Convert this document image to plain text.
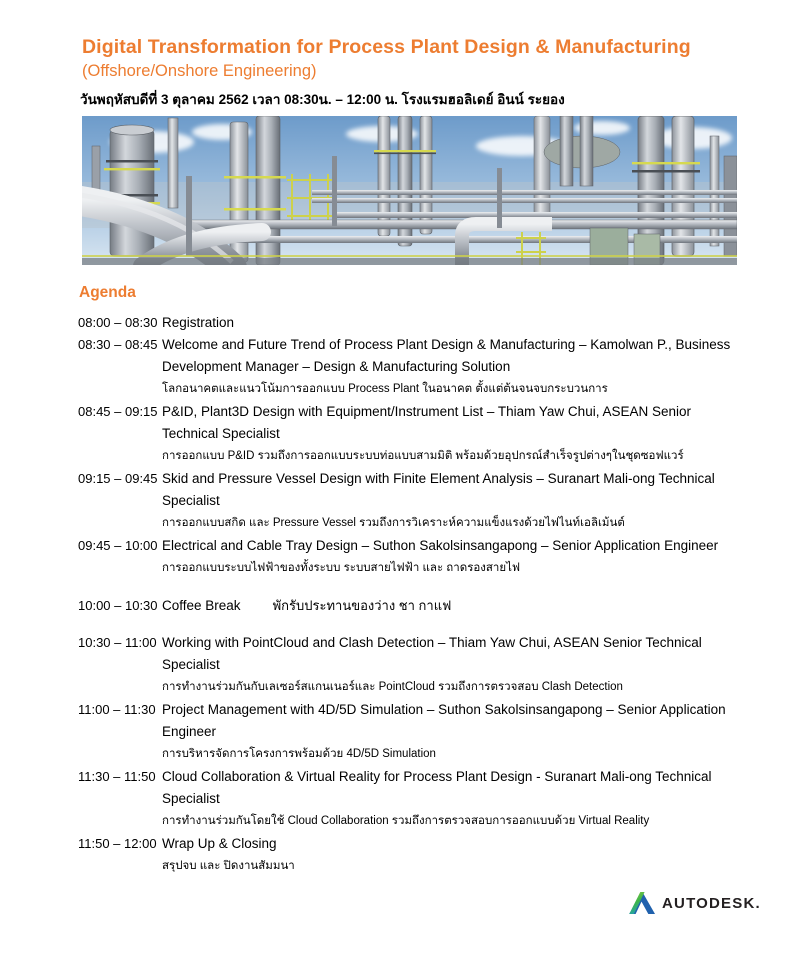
Digital Transformation for Process Plant Design & Manufacturing
(Offshore/Onshore Engineering)
วันพฤหัสบดีที่ 3 ตุลาคม 2562 เวลา 08:30น. – 12:00 น. โรงแรมฮอลิเดย์ อินน์ ระยอง
Agenda
08:00 – 08:30 Registration
08:30 – 08:45 Welcome and Future Trend of Process Plant Design & Manufacturing – Kamolwan P., Business Development Manager – Design & Manufacturing Solution
โลกอนาคตและแนวโน้มการออกแบบ Process Plant ในอนาคต ตั้งแต่ต้นจนจบกระบวนการ
08:45 – 09:15 P&ID, Plant3D Design with Equipment/Instrument List – Thiam Yaw Chui, ASEAN Senior Technical Specialist
การออกแบบ P&ID รวมถึงการออกแบบระบบท่อแบบสามมิติ พร้อมด้วยอุปกรณ์สำเร็จรูปต่างๆในชุดซอฟแวร์
09:15 – 09:45 Skid and Pressure Vessel Design with Finite Element Analysis – Suranart Mali-ong Technical Specialist
การออกแบบสกิด และ Pressure Vessel รวมถึงการวิเคราะห์ความแข็งแรงด้วยไฟไนท์เอลิเม้นต์
09:45 – 10:00 Electrical and Cable Tray Design – Suthon Sakolsinsangapong – Senior Application Engineer
การออกแบบระบบไฟฟ้าของทั้งระบบ ระบบสายไฟฟ้า และ ถาดรองสายไฟ
10:00 – 10:30 Coffee Break พักรับประทานของว่าง ชา กาแฟ
10:30 – 11:00 Working with PointCloud and Clash Detection – Thiam Yaw Chui, ASEAN Senior Technical Specialist
การทำงานร่วมกันกับเลเซอร์สแกนเนอร์และ PointCloud รวมถึงการตรวจสอบ Clash Detection
11:00 – 11:30 Project Management with 4D/5D Simulation – Suthon Sakolsinsangapong – Senior Application Engineer
การบริหารจัดการโครงการพร้อมด้วย 4D/5D Simulation
11:30 – 11:50 Cloud Collaboration & Virtual Reality for Process Plant Design - Suranart Mali-ong Technical Specialist
การทำงานร่วมกันโดยใช้ Cloud Collaboration รวมถึงการตรวจสอบการออกแบบด้วย Virtual Reality
11:50 – 12:00 Wrap Up & Closing
สรุปจบ และ ปิดงานสัมมนา
AUTODESK.
